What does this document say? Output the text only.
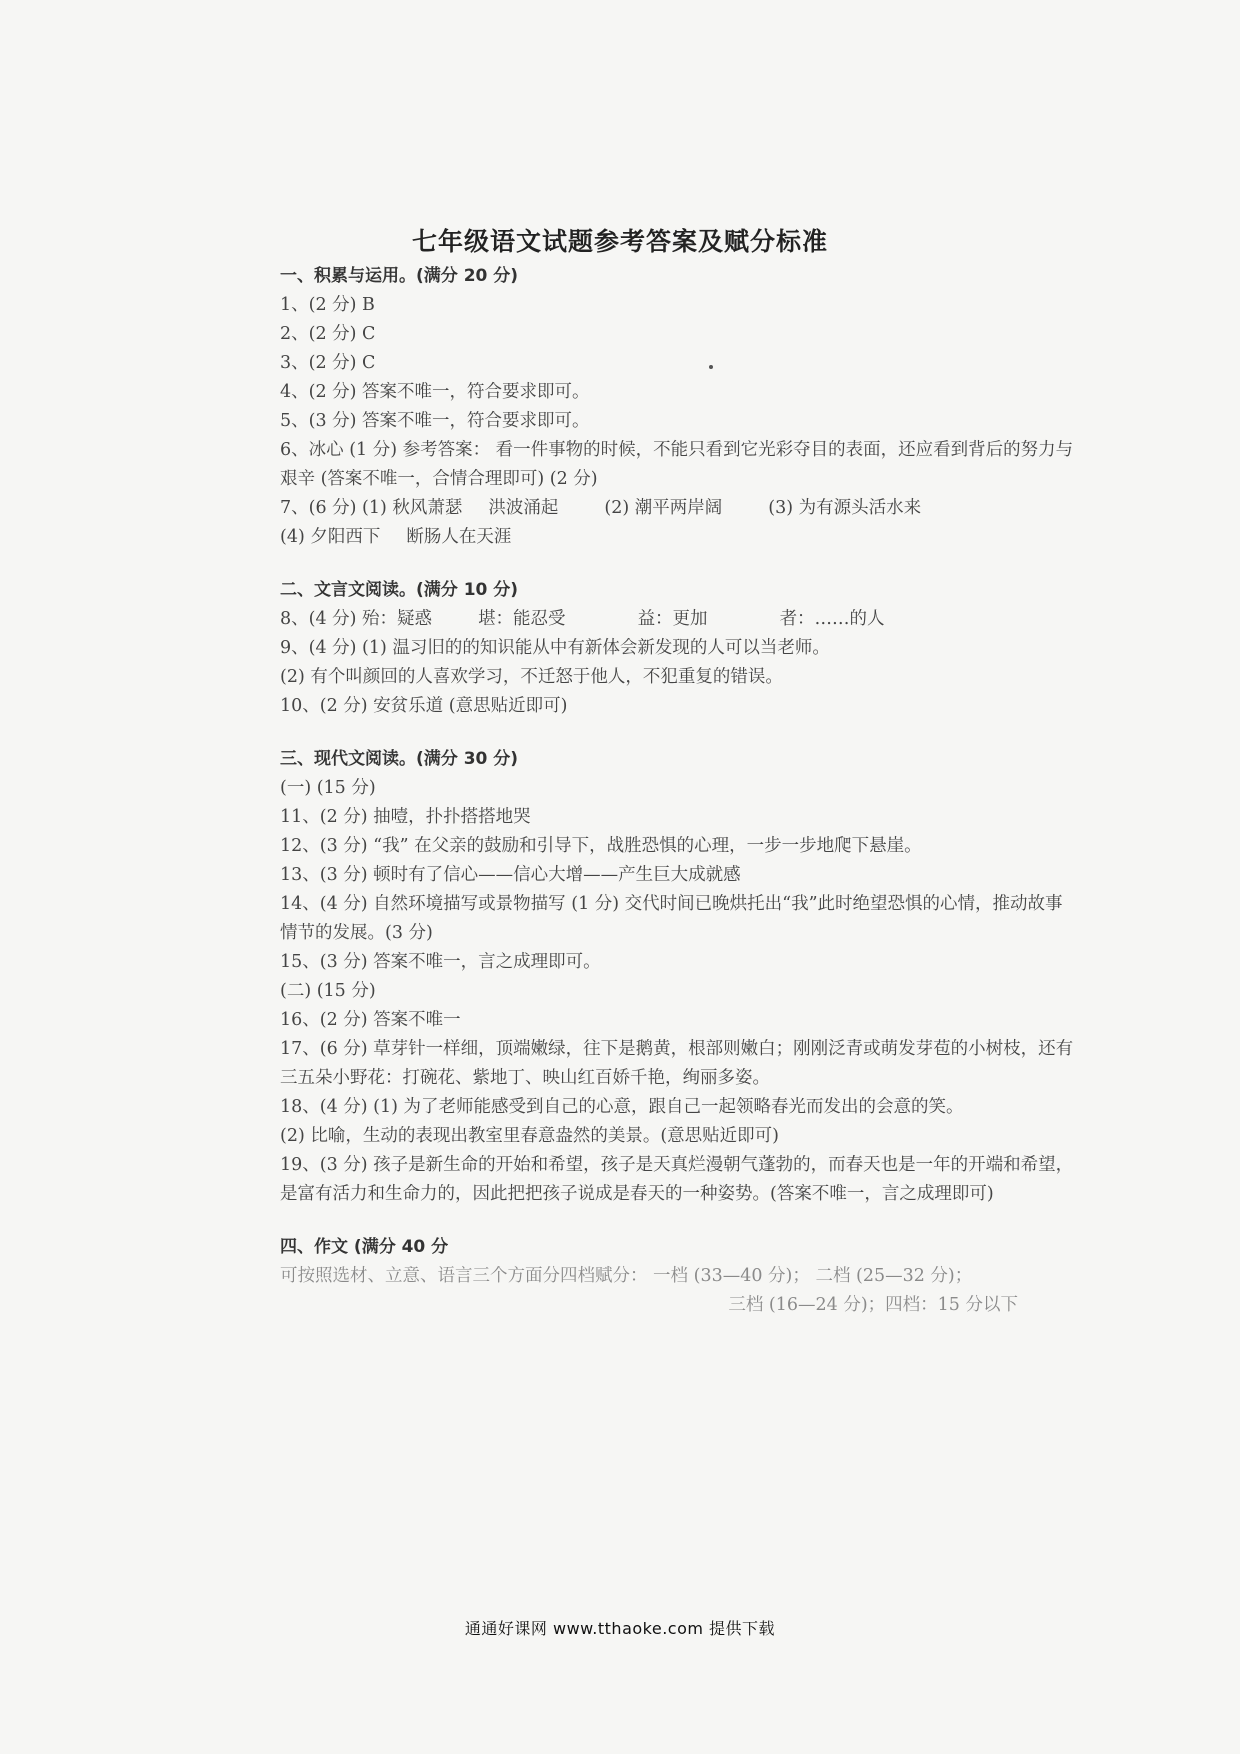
七年级语文试题参考答案及赋分标准
一、积累与运用。(满分 20 分)
1、(2 分) B
2、(2 分) C
3、(2 分) C
4、(2 分) 答案不唯一，符合要求即可。
5、(3 分) 答案不唯一，符合要求即可。
6、冰心 (1 分) 参考答案： 看一件事物的时候，不能只看到它光彩夺目的表面，还应看到背后的努力与艰辛 (答案不唯一，合情合理即可) (2 分)
7、(6 分) (1) 秋风萧瑟 洪波涌起	(2) 潮平两岸阔	(3) 为有源头活水来
(4) 夕阳西下 断肠人在天涯
二、文言文阅读。(满分 10 分)
8、(4 分) 殆：疑惑	堪：能忍受	益：更加	者：……的人
9、(4 分) (1) 温习旧的的知识能从中有新体会新发现的人可以当老师。
(2) 有个叫颜回的人喜欢学习，不迁怒于他人，不犯重复的错误。
10、(2 分) 安贫乐道 (意思贴近即可)
三、现代文阅读。(满分 30 分)
(一) (15 分)
11、(2 分) 抽噎，扑扑搭搭地哭
12、(3 分) “我” 在父亲的鼓励和引导下，战胜恐惧的心理，一步一步地爬下悬崖。
13、(3 分) 顿时有了信心——信心大增——产生巨大成就感
14、(4 分) 自然环境描写或景物描写 (1 分) 交代时间已晚烘托出“我”此时绝望恐惧的心情，推动故事情节的发展。(3 分)
15、(3 分) 答案不唯一，言之成理即可。
(二) (15 分)
16、(2 分) 答案不唯一
17、(6 分) 草芽针一样细，顶端嫩绿，往下是鹅黄，根部则嫩白；刚刚泛青或萌发芽苞的小树枝，还有三五朵小野花：打碗花、紫地丁、映山红百娇千艳，绚丽多姿。
18、(4 分) (1) 为了老师能感受到自己的心意，跟自己一起领略春光而发出的会意的笑。
(2) 比喻，生动的表现出教室里春意盎然的美景。(意思贴近即可)
19、(3 分) 孩子是新生命的开始和希望，孩子是天真烂漫朝气蓬勃的，而春天也是一年的开端和希望，是富有活力和生命力的，因此把把孩子说成是春天的一种姿势。(答案不唯一，言之成理即可)
四、作文 (满分 40 分
可按照选材、立意、语言三个方面分四档赋分： 一档 (33—40 分)； 二档 (25—32 分)；
三档 (16—24 分)；四档：15 分以下
通通好课网 www.tthaoke.com 提供下载
